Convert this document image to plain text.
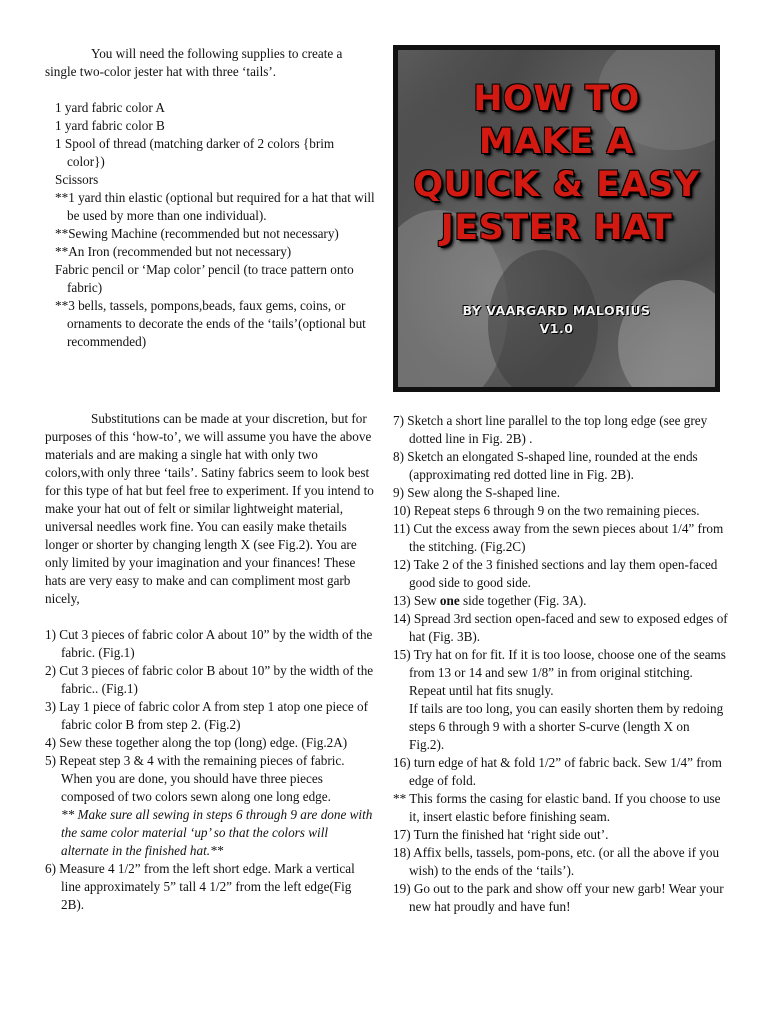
You will need the following supplies to create a single two-color jester hat with three ‘tails’.

1 yard fabric color A
1 yard fabric color B
1 Spool of thread (matching darker of 2 colors {brim color})
Scissors
**1 yard thin elastic (optional but required for a hat that will be used by more than one individual).
**Sewing Machine (recommended but not necessary)
**An Iron (recommended but not necessary)
Fabric pencil or ‘Map color’ pencil (to trace pattern onto fabric)
**3 bells, tassels, pompons,beads, faux gems, coins, or ornaments to decorate the ends of the ‘tails’(optional but recommended)
HOW TO
MAKE A
QUICK & EASY
JESTER HAT
BY VAARGARD MALORIUS
V1.0

Substitutions can be made at your discretion, but for purposes of this ‘how-to’, we will assume you have the above materials and are making a single hat with only two colors,with only three ‘tails’. Satiny fabrics seem to look best for this type of hat but feel free to experiment. If you intend to make your hat out of felt or similar lightweight material, universal needles work fine. You can easily make thetails longer or shorter by changing length X (see Fig.2). You are only limited by your imagination and your finances! These hats are very easy to make and can compliment most garb nicely,

1) Cut 3 pieces of fabric color A about 10” by the width of the fabric. (Fig.1)
2) Cut 3 pieces of fabric color B about 10” by the width of the fabric.. (Fig.1)
3) Lay 1 piece of fabric color A from step 1 atop one piece of fabric color B from step 2. (Fig.2)
4) Sew these together along the top (long) edge. (Fig.2A)
5) Repeat step 3 & 4 with the remaining pieces of fabric. When you are done, you should have three pieces composed of two colors sewn along one long edge.
** Make sure all sewing in steps 6 through 9 are done with the same color material ‘up’ so that the colors will alternate in the finished hat.**
6) Measure 4 1/2” from the left short edge. Mark a vertical line approximately 5” tall 4 1/2” from the left edge(Fig 2B).
7) Sketch a short line parallel to the top long edge (see grey dotted line in Fig. 2B) .
8) Sketch an elongated S-shaped line, rounded at the ends (approximating red dotted line in Fig. 2B).
9) Sew along the S-shaped line.
10) Repeat steps 6 through 9 on the two remaining pieces.
11) Cut the excess away from the sewn pieces about 1/4” from the stitching. (Fig.2C)
12) Take 2 of the 3 finished sections and lay them open-faced good side to good side.
13) Sew one side together (Fig. 3A).
14) Spread 3rd section open-faced and sew to exposed edges of hat (Fig. 3B).
15) Try hat on for fit. If it is too loose, choose one of the seams from 13 or 14 and sew 1/8” in from original stitching. Repeat until hat fits snugly.
If tails are too long, you can easily shorten them by redoing steps 6 through 9 with a shorter S-curve (length X on Fig.2).
16) turn edge of hat & fold 1/2” of fabric back. Sew 1/4” from edge of fold.
** This forms the casing for elastic band. If you choose to use it, insert elastic before finishing seam.
17) Turn the finished hat ‘right side out’.
18) Affix bells, tassels, pom-pons, etc. (or all the above if you wish) to the ends of the ‘tails’).
19) Go out to the park and show off your new garb! Wear your new hat proudly and have fun!
